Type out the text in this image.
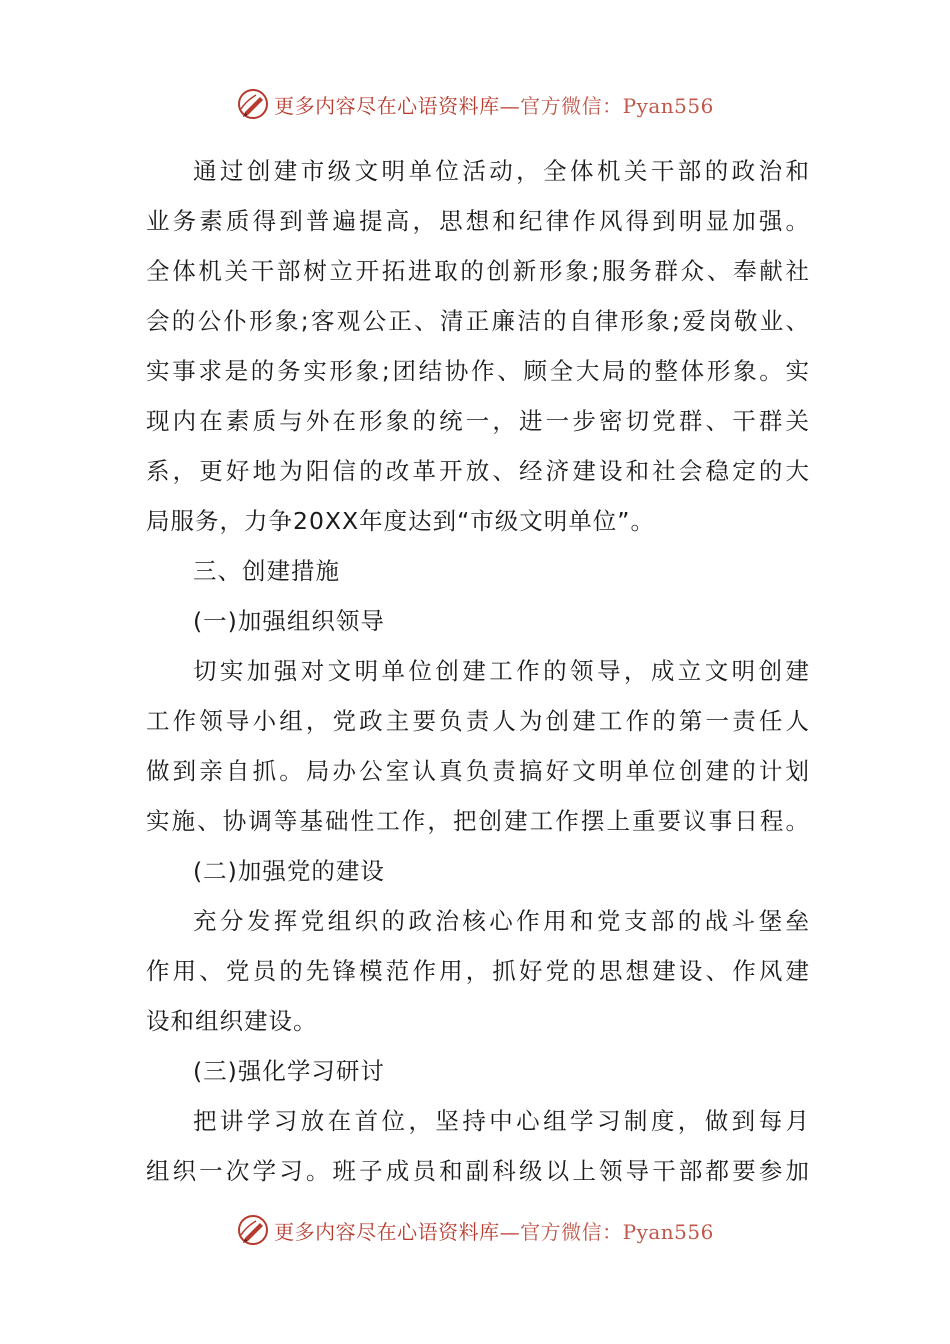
更多内容尽在心语资料库—官方微信：Pyan556

通过创建市级文明单位活动，全体机关干部的政治和

业务素质得到普遍提高，思想和纪律作风得到明显加强。

全体机关干部树立开拓进取的创新形象;服务群众、奉献社

会的公仆形象;客观公正、清正廉洁的自律形象;爱岗敬业、

实事求是的务实形象;团结协作、顾全大局的整体形象。实

现内在素质与外在形象的统一，进一步密切党群、干群关

系，更好地为阳信的改革开放、经济建设和社会稳定的大

局服务，力争20XX年度达到“市级文明单位”。

三、创建措施

(一)加强组织领导

切实加强对文明单位创建工作的领导，成立文明创建

工作领导小组，党政主要负责人为创建工作的第一责任人

做到亲自抓。局办公室认真负责搞好文明单位创建的计划

实施、协调等基础性工作，把创建工作摆上重要议事日程。

(二)加强党的建设

充分发挥党组织的政治核心作用和党支部的战斗堡垒

作用、党员的先锋模范作用，抓好党的思想建设、作风建

设和组织建设。

(三)强化学习研讨

把讲学习放在首位，坚持中心组学习制度，做到每月

组织一次学习。班子成员和副科级以上领导干部都要参加

更多内容尽在心语资料库—官方微信：Pyan556
